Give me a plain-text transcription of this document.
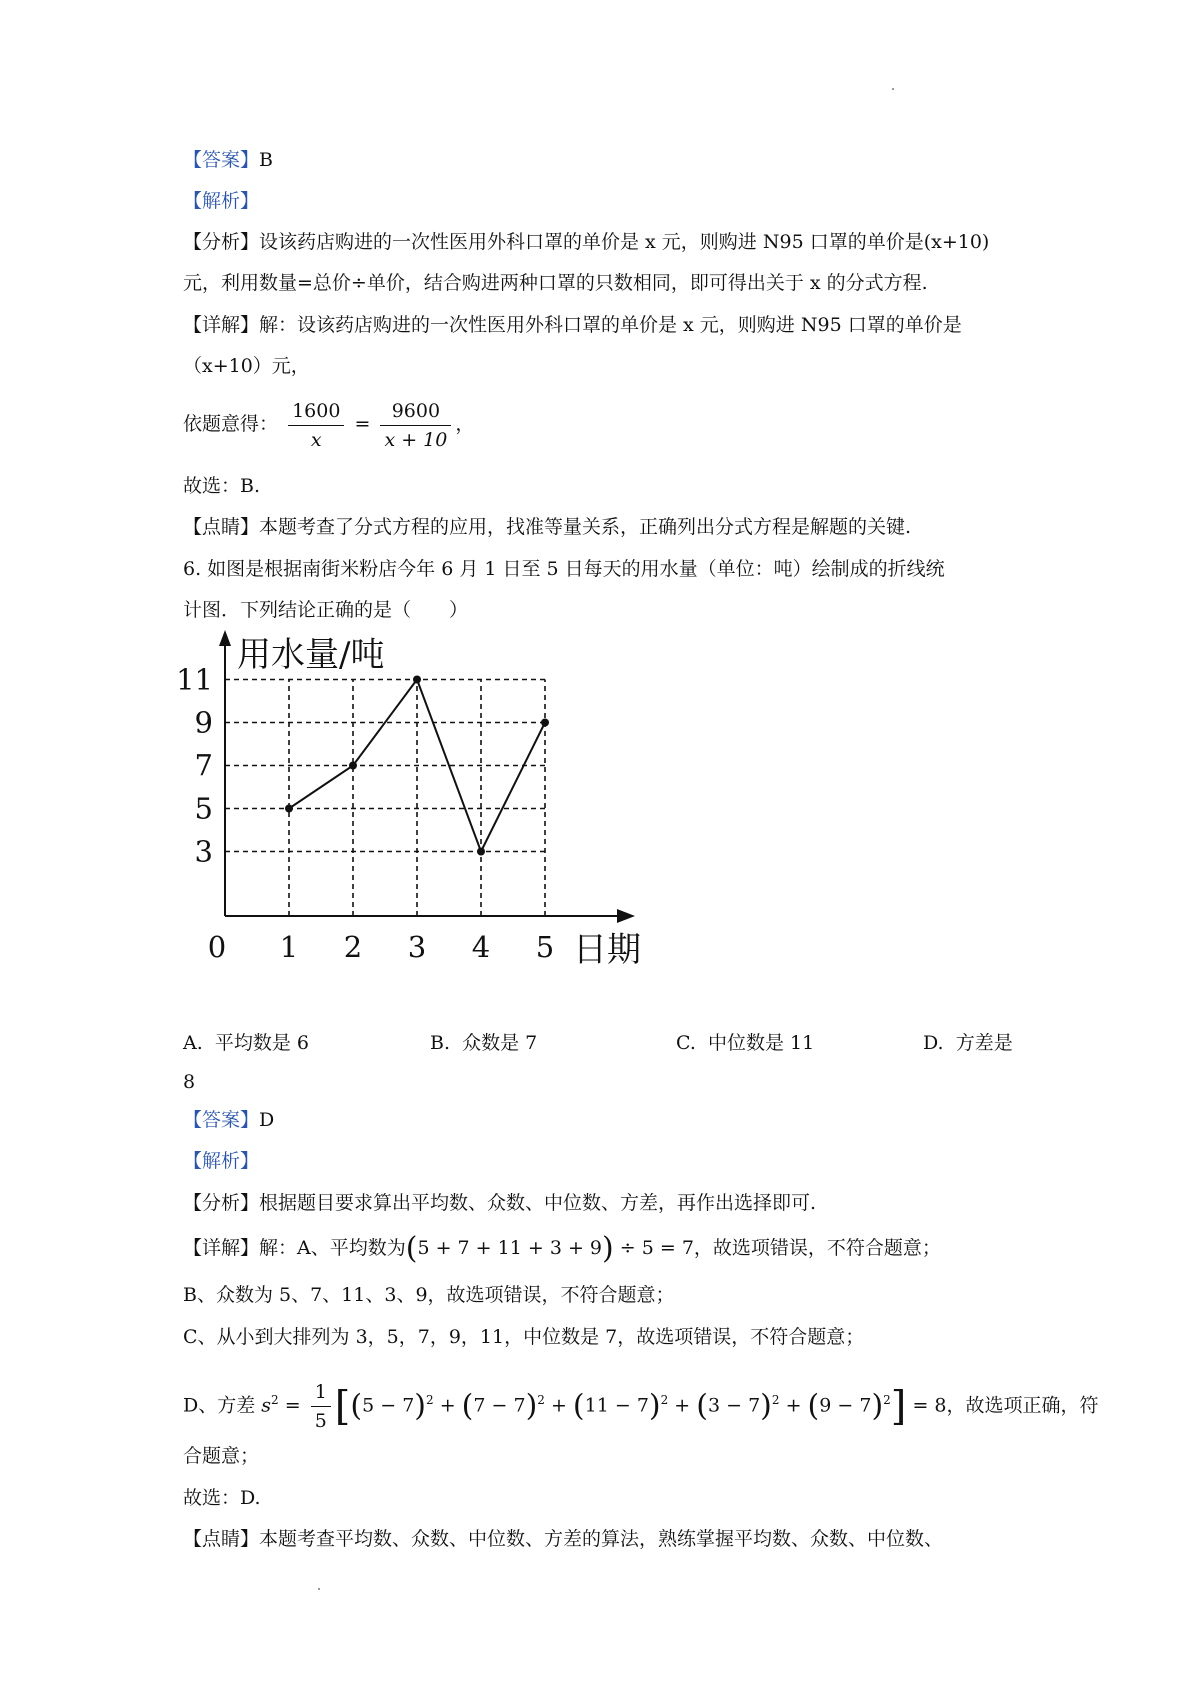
【答案】B
【解析】
【分析】设该药店购进的一次性医用外科口罩的单价是 x 元，则购进 N95 口罩的单价是(x+10)
元，利用数量=总价÷单价，结合购进两种口罩的只数相同，即可得出关于 x 的分式方程.
【详解】解：设该药店购进的一次性医用外科口罩的单价是 x 元，则购进 N95 口罩的单价是
（x+10）元，
依题意得： $\frac{1600}{x} = \frac{9600}{x + 10}$ ，
故选：B.
【点睛】本题考查了分式方程的应用，找准等量关系，正确列出分式方程是解题的关键.
6. 如图是根据南街米粉店今年 6 月 1 日至 5 日每天的用水量（单位：吨）绘制成的折线统
计图．下列结论正确的是（　　）
3
5
7
9
11
1 2 3 4 5
0
用水量/吨
日期
A. 平均数是 6	B. 众数是 7	C. 中位数是 11	D. 方差是
8
【答案】D
【解析】
【分析】根据题目要求算出平均数、众数、中位数、方差，再作出选择即可.
【详解】解：A、平均数为(5 + 7 + 11 + 3 + 9) ÷ 5 = 7，故选项错误，不符合题意；
B、众数为 5、7、11、3、9，故选项错误，不符合题意；
C、从小到大排列为 3，5，7，9，11，中位数是 7，故选项错误，不符合题意；
D、方差 $s^2 = \frac{1}{5} [(5 - 7)^2 + (7 - 7)^2 + (11 - 7)^2 + (3 - 7)^2 + (9 - 7)^2] = 8$，故选项正确，符
合题意；
故选：D.
【点睛】本题考查平均数、众数、中位数、方差的算法，熟练掌握平均数、众数、中位数、
